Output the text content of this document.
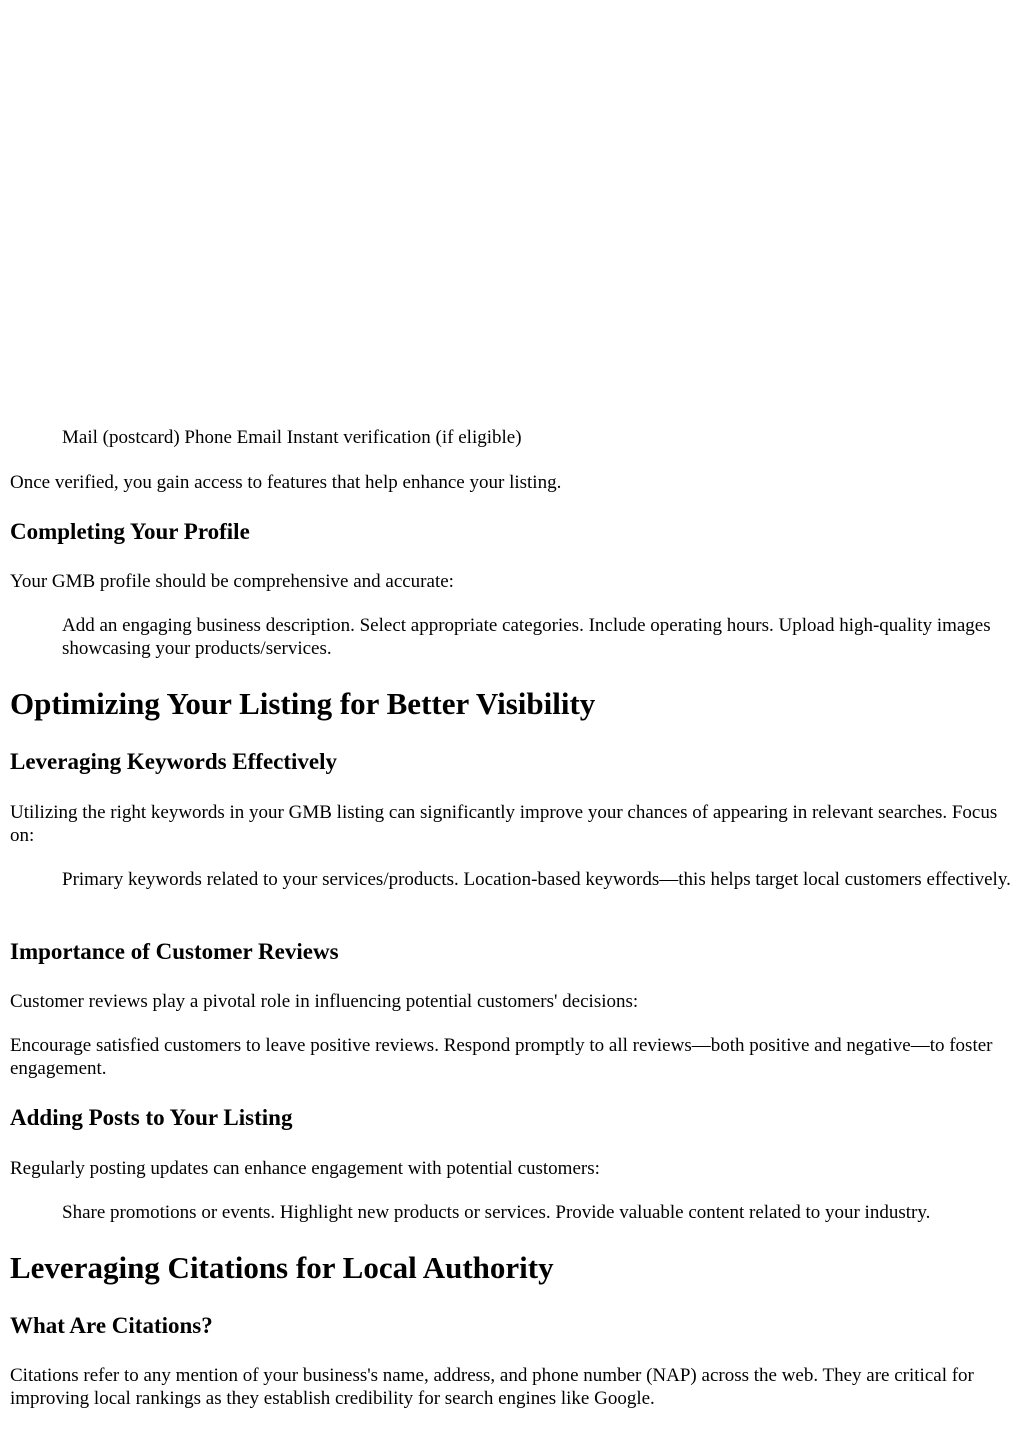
Mail (postcard) Phone Email Instant verification (if eligible)
Once verified, you gain access to features that help enhance your listing.
Completing Your Profile
Your GMB profile should be comprehensive and accurate:
Add an engaging business description. Select appropriate categories. Include operating hours. Upload high-quality images showcasing your products/services.
Optimizing Your Listing for Better Visibility
Leveraging Keywords Effectively
Utilizing the right keywords in your GMB listing can significantly improve your chances of appearing in relevant searches. Focus on:
Primary keywords related to your services/products. Location-based keywords—this helps target local customers effectively.
Importance of Customer Reviews
Customer reviews play a pivotal role in influencing potential customers' decisions:
Encourage satisfied customers to leave positive reviews. Respond promptly to all reviews—both positive and negative—to foster engagement.
Adding Posts to Your Listing
Regularly posting updates can enhance engagement with potential customers:
Share promotions or events. Highlight new products or services. Provide valuable content related to your industry.
Leveraging Citations for Local Authority
What Are Citations?
Citations refer to any mention of your business's name, address, and phone number (NAP) across the web. They are critical for improving local rankings as they establish credibility for search engines like Google.
